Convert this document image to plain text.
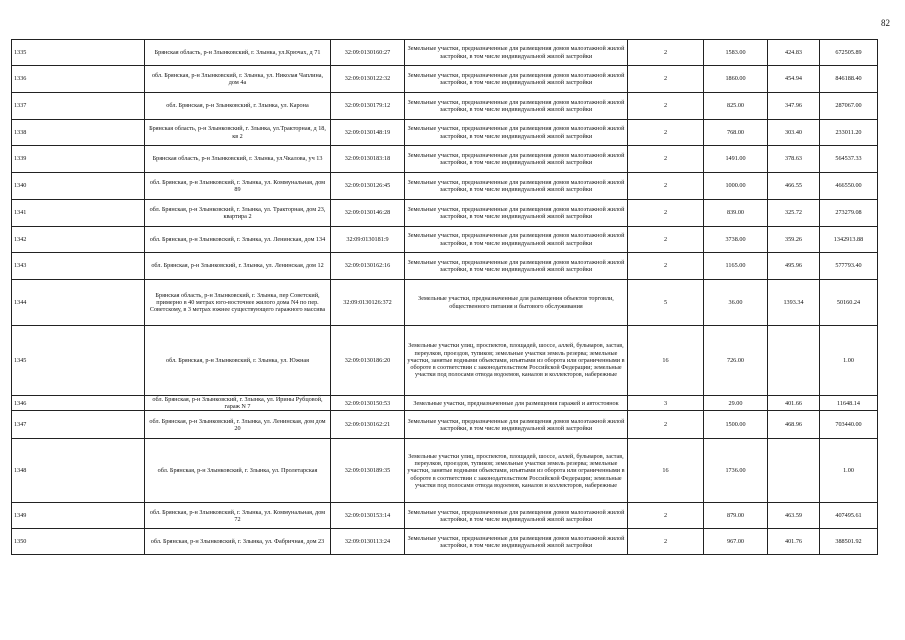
82
1335	Брянская область, р-н Злынковский, г. Злынка, ул.Крючах, д 71	32:09:0130160:27	Земельные участки, предназначенные для размещения домов малоэтажной жилой застройки, в том числе индивидуальной жилой застройки	2	1583.00	424.83	672505.89
1336	обл. Брянская, р-н Злынковский, г. Злынка, ул. Николая Чаплина, дом 4а	32:09:0130122:32	Земельные участки, предназначенные для размещения домов малоэтажной жилой застройки, в том числе индивидуальной жилой застройки	2	1860.00	454.94	846188.40
1337	обл. Брянская, р-н Злынковский, г. Злынка, ул. Карона	32:09:0130179:12	Земельные участки, предназначенные для размещения домов малоэтажной жилой застройки, в том числе индивидуальной жилой застройки	2	825.00	347.96	287067.00
1338	Брянская область, р-н Злынковский, г. Злынка, ул.Тракторная, д 18, кв 2	32:09:0130148:19	Земельные участки, предназначенные для размещения домов малоэтажной жилой застройки, в том числе индивидуальной жилой застройки	2	768.00	303.40	233011.20
1339	Брянская область, р-н Злынковский, г. Злынка, ул.Чкалова, уч 13	32:09:0130183:18	Земельные участки, предназначенные для размещения домов малоэтажной жилой застройки, в том числе индивидуальной жилой застройки	2	1491.00	378.63	564537.33
1340	обл. Брянская, р-н Злынковский, г. Злынка, ул. Коммунальная, дом 89	32:09:0130126:45	Земельные участки, предназначенные для размещения домов малоэтажной жилой застройки, в том числе индивидуальной жилой застройки	2	1000.00	466.55	466550.00
1341	обл. Брянская, р-н Злынковский, г. Злынка, ул. Тракторная, дом 23, квартира 2	32:09:0130146:28	Земельные участки, предназначенные для размещения домов малоэтажной жилой застройки, в том числе индивидуальной жилой застройки	2	839.00	325.72	273279.08
1342	обл. Брянская, р-н Злынковский, г. Злынка, ул. Ленинская, дом 134	32:09:0130181:9	Земельные участки, предназначенные для размещения домов малоэтажной жилой застройки, в том числе индивидуальной жилой застройки	2	3738.00	359.26	1342913.88
1343	обл. Брянская, р-н Злынковский, г. Злынка, ул. Ленинская, дом 12	32:09:0130162:16	Земельные участки, предназначенные для размещения домов малоэтажной жилой застройки, в том числе индивидуальной жилой застройки	2	1165.00	495.96	577793.40
1344	Брянская область, р-н Злынковский, г. Злынка, пер Советский, примерно в 40 метрах юго-восточнее жилого дома N4 по пер. Советскому, в 3 метрах южнее существующего гаражного массива	32:09:0130126:372	Земельные участки, предназначенные для размещения объектов торговли, общественного питания и бытового обслуживания	5	36.00	1393.34	50160.24
1345	обл. Брянская, р-н Злынковский, г. Злынка, ул. Южная	32:09:0130186:20	Земельные участки улиц, проспектов, площадей, шоссе, аллей, бульваров, застав, переулков, проездов, тупиков; земельные участки земель резерва; земельные участки, занятые водными объектами, изъятыми из оборота или ограниченными в обороте в соответствии с законодательством Российской Федерации; земельные участки под полосами отвода водоемов, каналов и коллекторов, набережные	16	726.00		1.00
1346	обл. Брянская, р-н Злынковский, г. Злынка, ул. Ирины Рубцовой, гараж N 7	32:09:0130150:53	Земельные участки, предназначенные для размещения гаражей и автостоянок	3	29.00	401.66	11648.14
1347	обл. Брянская, р-н Злынковский, г. Злынка, ул. Ленинская, дом дом 20	32:09:0130162:21	Земельные участки, предназначенные для размещения домов малоэтажной жилой застройки, в том числе индивидуальной жилой застройки	2	1500.00	468.96	703440.00
1348	обл. Брянская, р-н Злынковский, г. Злынка, ул. Пролетарская	32:09:0130189:35	Земельные участки улиц, проспектов, площадей, шоссе, аллей, бульваров, застав, переулков, проездов, тупиков; земельные участки земель резерва; земельные участки, занятые водными объектами, изъятыми из оборота или ограниченными в обороте в соответствии с законодательством Российской Федерации; земельные участки под полосами отвода водоемов, каналов и коллекторов, набережные	16	1736.00		1.00
1349	обл. Брянская, р-н Злынковский, г. Злынка, ул. Коммунальная, дом 72	32:09:0130153:14	Земельные участки, предназначенные для размещения домов малоэтажной жилой застройки, в том числе индивидуальной жилой застройки	2	879.00	463.59	407495.61
1350	обл. Брянская, р-н Злынковский, г. Злынка, ул. Фабричная, дом 23	32:09:0130113:24	Земельные участки, предназначенные для размещения домов малоэтажной жилой застройки, в том числе индивидуальной жилой застройки	2	967.00	401.76	388501.92
